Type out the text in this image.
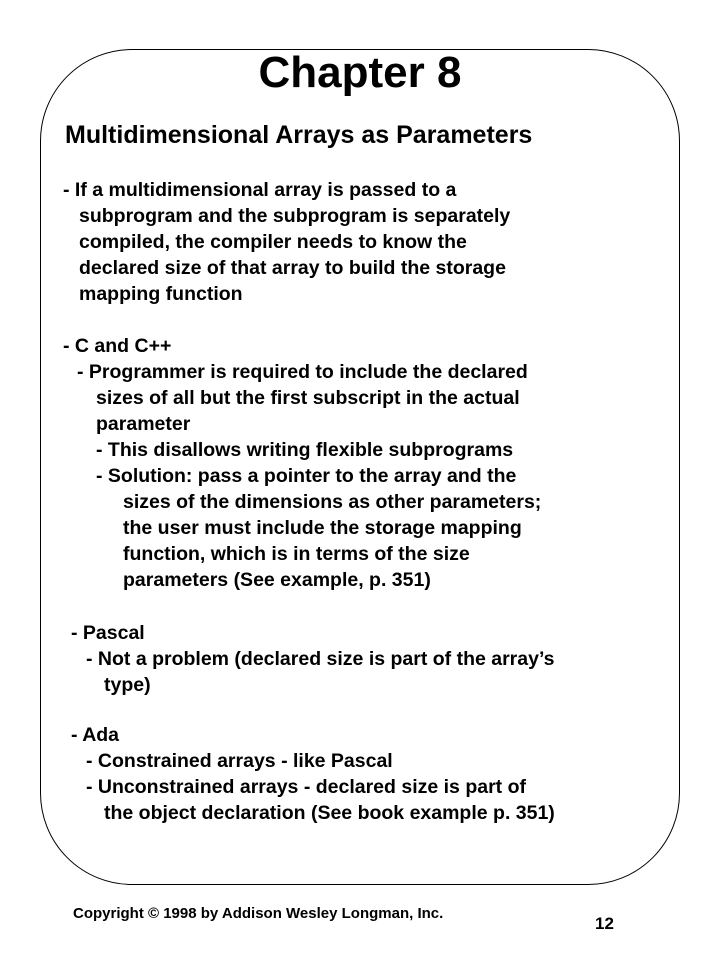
Chapter 8
Multidimensional Arrays as Parameters
- If a multidimensional array is passed to a
subprogram and the subprogram is separately
compiled, the compiler needs to know the
declared size of that array to build the storage
mapping function
- C and C++
- Programmer is required to include the declared
sizes of all but the first subscript in the actual
parameter
- This disallows writing flexible subprograms
- Solution: pass a pointer to the array and the
sizes of the dimensions as other parameters;
the user must include the storage mapping
function, which is in terms of the size
parameters (See example, p. 351)
- Pascal
- Not a problem (declared size is part of the array’s
type)
- Ada
- Constrained arrays - like Pascal
- Unconstrained arrays - declared size is part of
the object declaration (See book example p. 351)
Copyright © 1998 by Addison Wesley Longman, Inc.
12
